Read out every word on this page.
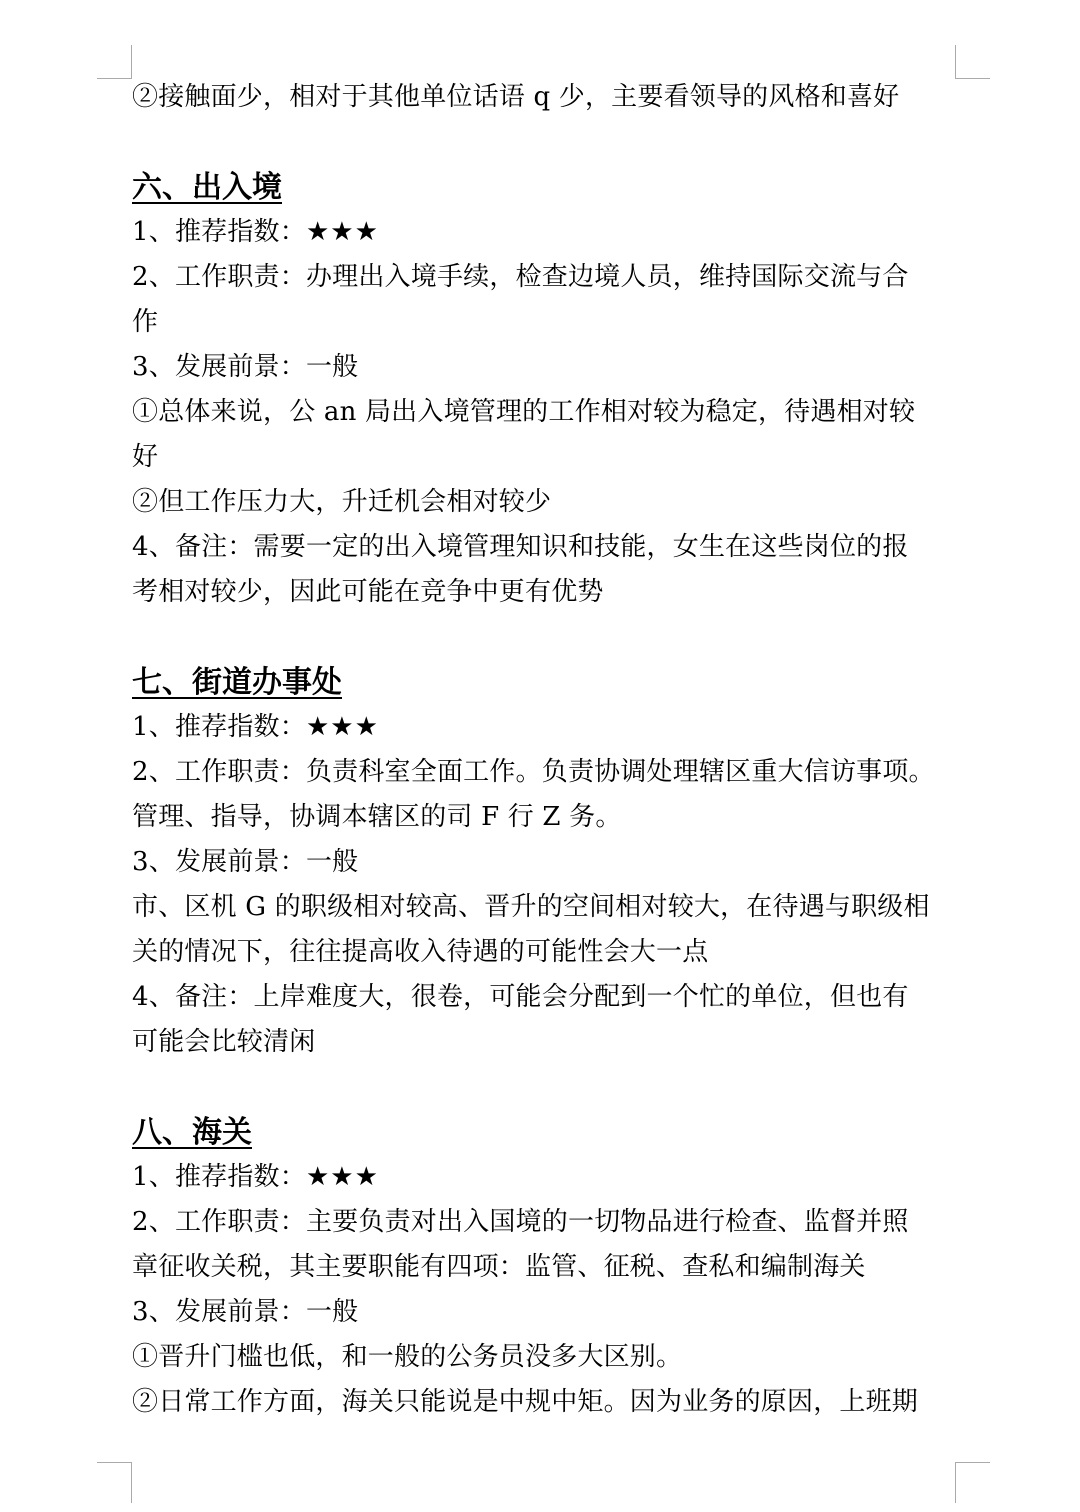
②接触面少，相对于其他单位话语 q 少，主要看领导的风格和喜好
六、出入境
1、推荐指数：★★★
2、工作职责：办理出入境手续，检查边境人员，维持国际交流与合
作
3、发展前景：一般
①总体来说，公 an 局出入境管理的工作相对较为稳定，待遇相对较
好
②但工作压力大，升迁机会相对较少
4、备注：需要一定的出入境管理知识和技能，女生在这些岗位的报
考相对较少，因此可能在竞争中更有优势
七、街道办事处
1、推荐指数：★★★
2、工作职责：负责科室全面工作。负责协调处理辖区重大信访事项。
管理、指导，协调本辖区的司 F 行 Z 务。
3、发展前景：一般
市、区机 G 的职级相对较高、晋升的空间相对较大，在待遇与职级相
关的情况下，往往提高收入待遇的可能性会大一点
4、备注：上岸难度大，很卷，可能会分配到一个忙的单位，但也有
可能会比较清闲
八、海关
1、推荐指数：★★★
2、工作职责：主要负责对出入国境的一切物品进行检查、监督并照
章征收关税，其主要职能有四项：监管、征税、查私和编制海关
3、发展前景：一般
①晋升门槛也低，和一般的公务员没多大区别。
②日常工作方面，海关只能说是中规中矩。因为业务的原因，上班期
